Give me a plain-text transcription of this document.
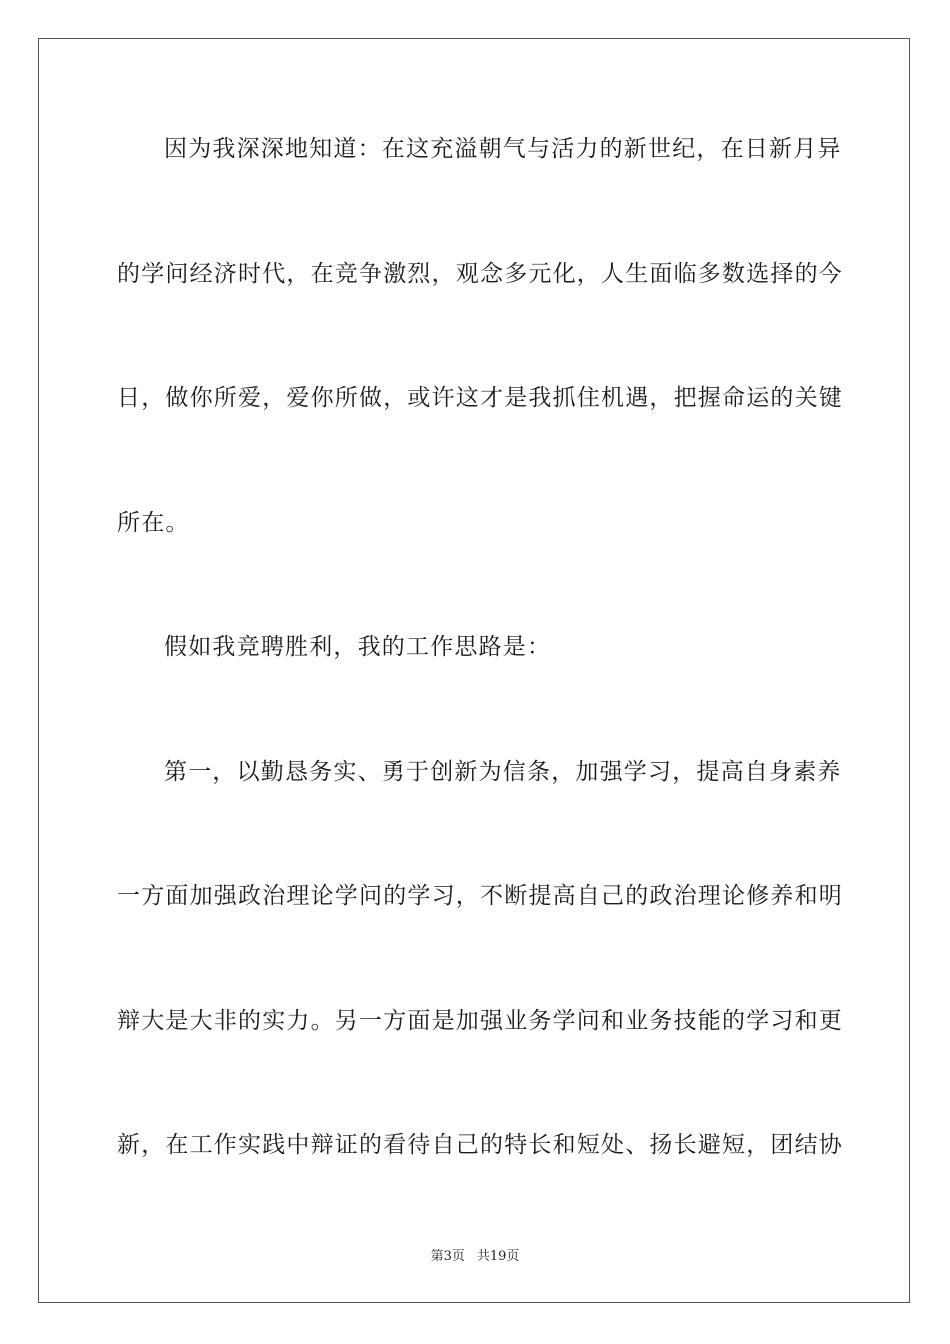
因为我深深地知道：在这充溢朝气与活力的新世纪，在日新月异
的学问经济时代，在竞争激烈，观念多元化，人生面临多数选择的今
日，做你所爱，爱你所做，或许这才是我抓住机遇，把握命运的关键
所在。
假如我竞聘胜利，我的工作思路是：
第一，以勤恳务实、勇于创新为信条，加强学习，提高自身素养
一方面加强政治理论学问的学习，不断提高自己的政治理论修养和明
辩大是大非的实力。另一方面是加强业务学问和业务技能的学习和更
新，在工作实践中辩证的看待自己的特长和短处、扬长避短，团结协
第3页 共19页
